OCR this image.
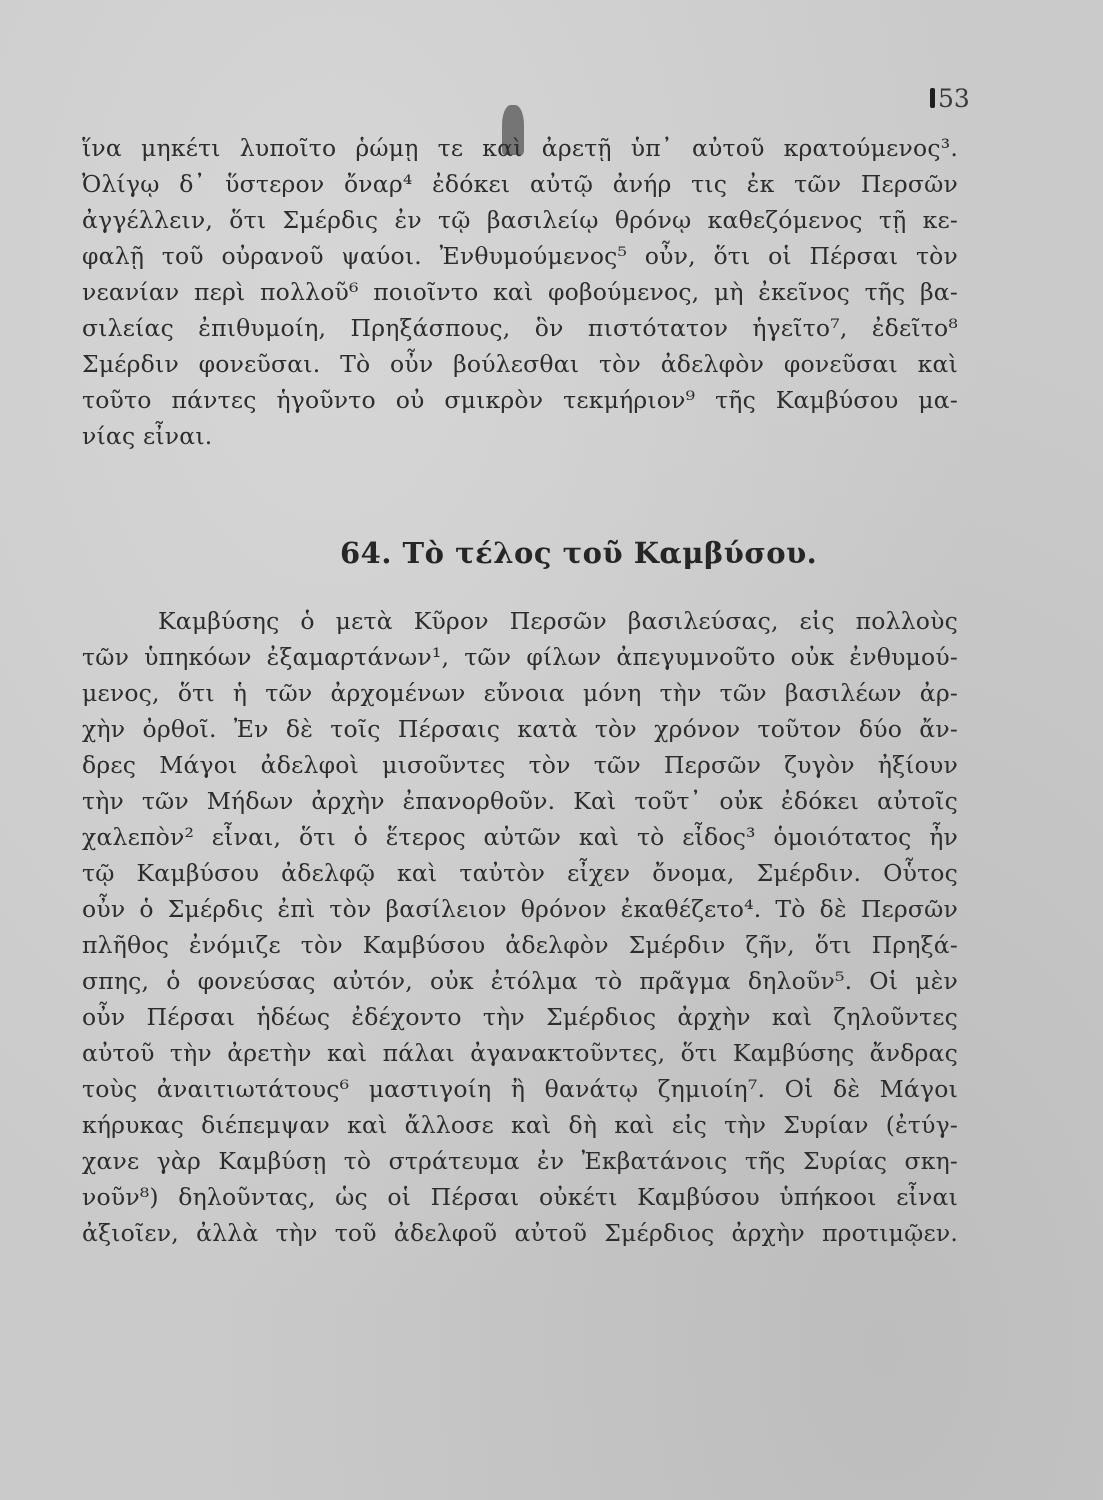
53
ἵνα μηκέτι λυποῖτο ῥώμῃ τε καὶ ἀρετῇ ὑπ᾽ αὐτοῦ κρατούμενος³.
Ὀλίγῳ δ᾽ ὕστερον ὄναρ⁴ ἐδόκει αὐτῷ ἀνήρ τις ἐκ τῶν Περσῶν
ἀγγέλλειν, ὅτι Σμέρδις ἐν τῷ βασιλείῳ θρόνῳ καθεζόμενος τῇ κε-
φαλῇ τοῦ οὐρανοῦ ψαύοι. Ἐνθυμούμενος⁵ οὖν, ὅτι οἱ Πέρσαι τὸν
νεανίαν περὶ πολλοῦ⁶ ποιοῖντο καὶ φοβούμενος, μὴ ἐκεῖνος τῆς βα-
σιλείας ἐπιθυμοίη, Πρηξάσπους, ὃν πιστότατον ἡγεῖτο⁷, ἐδεῖτο⁸
Σμέρδιν φονεῦσαι. Τὸ οὖν βούλεσθαι τὸν ἀδελφὸν φονεῦσαι καὶ
τοῦτο πάντες ἡγοῦντο οὐ σμικρὸν τεκμήριον⁹ τῆς Καμβύσου μα-
νίας εἶναι.
64. Τὸ τέλος τοῦ Καμβύσου.
Καμβύσης ὁ μετὰ Κῦρον Περσῶν βασιλεύσας, εἰς πολλοὺς
τῶν ὑπηκόων ἐξαμαρτάνων¹, τῶν φίλων ἀπεγυμνοῦτο οὐκ ἐνθυμού-
μενος, ὅτι ἡ τῶν ἀρχομένων εὔνοια μόνη τὴν τῶν βασιλέων ἀρ-
χὴν ὀρθοῖ. Ἐν δὲ τοῖς Πέρσαις κατὰ τὸν χρόνον τοῦτον δύο ἄν-
δρες Μάγοι ἀδελφοὶ μισοῦντες τὸν τῶν Περσῶν ζυγὸν ἠξίουν
τὴν τῶν Μήδων ἀρχὴν ἐπανορθοῦν. Καὶ τοῦτ᾽ οὐκ ἐδόκει αὐτοῖς
χαλεπὸν² εἶναι, ὅτι ὁ ἕτερος αὐτῶν καὶ τὸ εἶδος³ ὁμοιότατος ἦν
τῷ Καμβύσου ἀδελφῷ καὶ ταὐτὸν εἶχεν ὄνομα, Σμέρδιν. Οὗτος
οὖν ὁ Σμέρδις ἐπὶ τὸν βασίλειον θρόνον ἐκαθέζετο⁴. Τὸ δὲ Περσῶν
πλῆθος ἐνόμιζε τὸν Καμβύσου ἀδελφὸν Σμέρδιν ζῆν, ὅτι Πρηξά-
σπης, ὁ φονεύσας αὐτόν, οὐκ ἐτόλμα τὸ πρᾶγμα δηλοῦν⁵. Οἱ μὲν
οὖν Πέρσαι ἡδέως ἐδέχοντο τὴν Σμέρδιος ἀρχὴν καὶ ζηλοῦντες
αὐτοῦ τὴν ἀρετὴν καὶ πάλαι ἀγανακτοῦντες, ὅτι Καμβύσης ἄνδρας
τοὺς ἀναιτιωτάτους⁶ μαστιγοίη ἢ θανάτῳ ζημιοίη⁷. Οἱ δὲ Μάγοι
κήρυκας διέπεμψαν καὶ ἄλλοσε καὶ δὴ καὶ εἰς τὴν Συρίαν (ἐτύγ-
χανε γὰρ Καμβύσῃ τὸ στράτευμα ἐν Ἐκβατάνοις τῆς Συρίας σκη-
νοῦν⁸) δηλοῦντας, ὡς οἱ Πέρσαι οὐκέτι Καμβύσου ὑπήκοοι εἶναι
ἀξιοῖεν, ἀλλὰ τὴν τοῦ ἀδελφοῦ αὐτοῦ Σμέρδιος ἀρχὴν προτιμῷεν.
